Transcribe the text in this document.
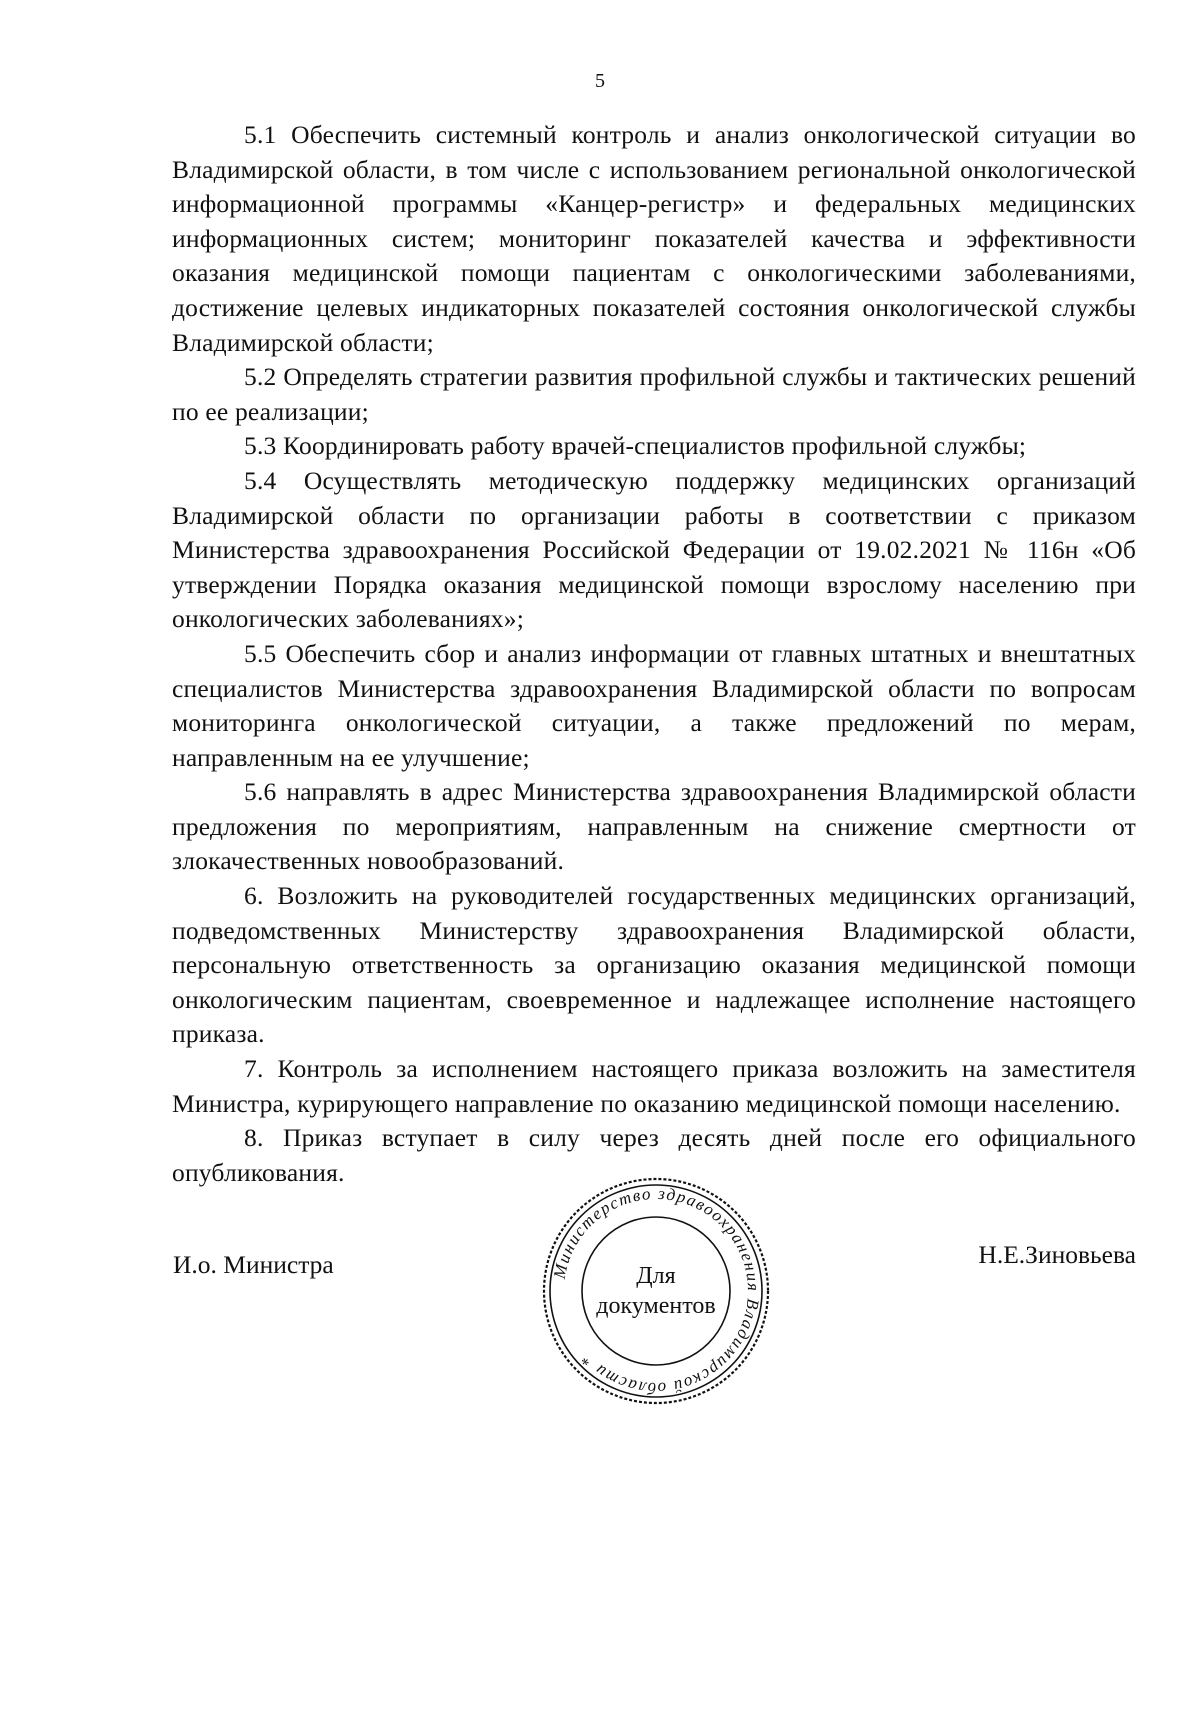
5

5.1 Обеспечить системный контроль и анализ онкологической ситуации во Владимирской области, в том числе с использованием региональной онкологической информационной программы «Канцер-регистр» и федеральных медицинских информационных систем; мониторинг показателей качества и эффективности оказания медицинской помощи пациентам с онкологическими заболеваниями, достижение целевых индикаторных показателей состояния онкологической службы Владимирской области;

5.2 Определять стратегии развития профильной службы и тактических решений по ее реализации;

5.3 Координировать работу врачей-специалистов профильной службы;

5.4 Осуществлять методическую поддержку медицинских организаций Владимирской области по организации работы в соответствии с приказом Министерства здравоохранения Российской Федерации от 19.02.2021 № 116н «Об утверждении Порядка оказания медицинской помощи взрослому населению при онкологических заболеваниях»;

5.5 Обеспечить сбор и анализ информации от главных штатных и внештатных специалистов Министерства здравоохранения Владимирской области по вопросам мониторинга онкологической ситуации, а также предложений по мерам, направленным на ее улучшение;

5.6 направлять в адрес Министерства здравоохранения Владимирской области предложения по мероприятиям, направленным на снижение смертности от злокачественных новообразований.

6. Возложить на руководителей государственных медицинских организаций, подведомственных Министерству здравоохранения Владимирской области, персональную ответственность за организацию оказания медицинской помощи онкологическим пациентам, своевременное и надлежащее исполнение настоящего приказа.

7. Контроль за исполнением настоящего приказа возложить на заместителя Министра, курирующего направление по оказанию медицинской помощи населению.

8. Приказ вступает в силу через десять дней после его официального опубликования.

И.о. Министра	Н.Е.Зиновьева
Министерство здравоохранения Владимирской области *
Для
документов
